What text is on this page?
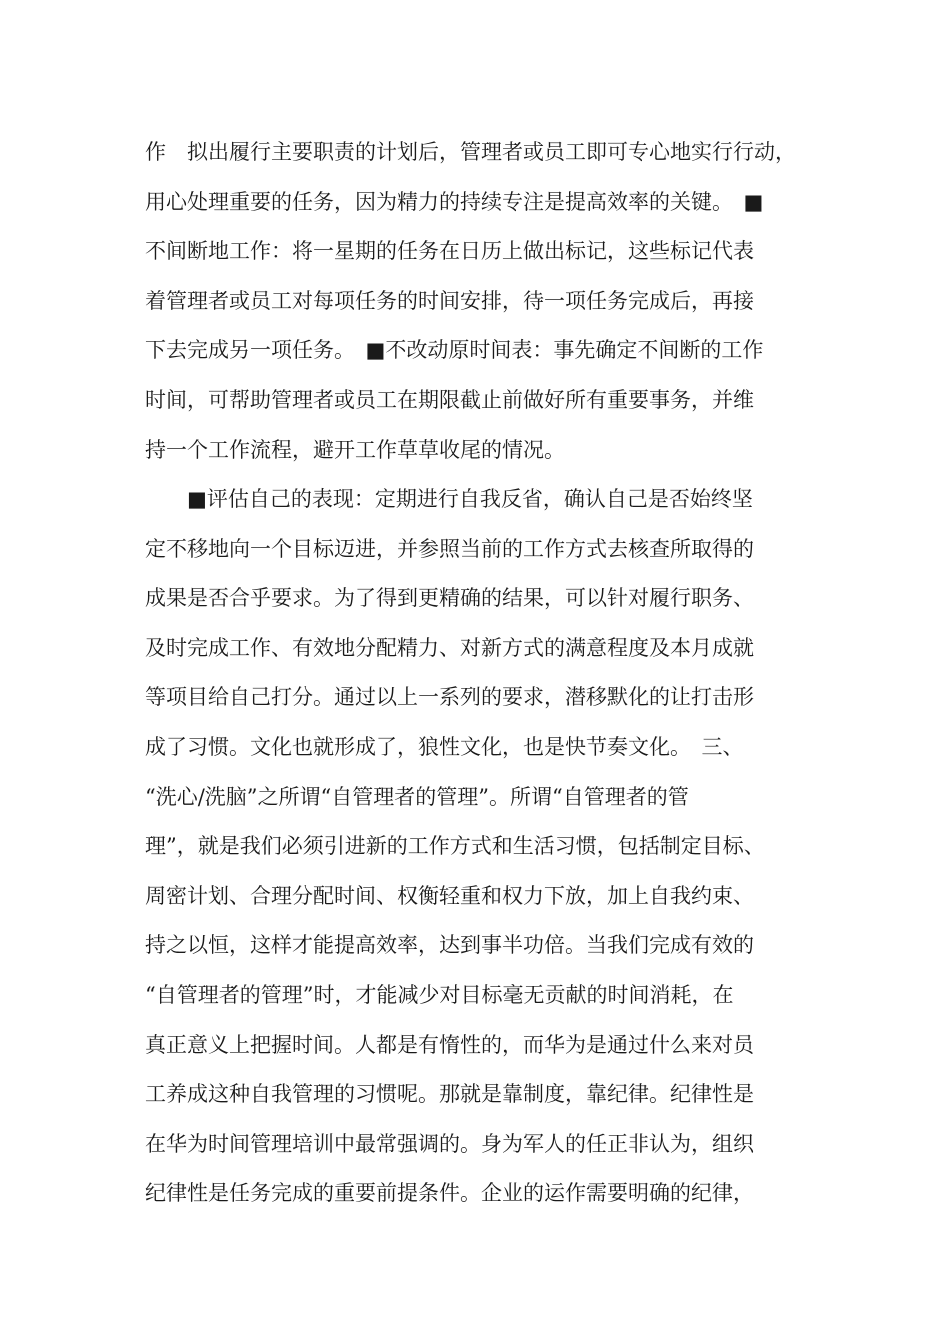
作　拟出履行主要职责的计划后，管理者或员工即可专心地实行行动，
用心处理重要的任务，因为精力的持续专注是提高效率的关键。　■
不间断地工作：将一星期的任务在日历上做出标记，这些标记代表
着管理者或员工对每项任务的时间安排，待一项任务完成后，再接
下去完成另一项任务。　■不改动原时间表：事先确定不间断的工作
时间，可帮助管理者或员工在期限截止前做好所有重要事务，并维
持一个工作流程，避开工作草草收尾的情况。
　　■评估自己的表现：定期进行自我反省，确认自己是否始终坚
定不移地向一个目标迈进，并参照当前的工作方式去核查所取得的
成果是否合乎要求。为了得到更精确的结果，可以针对履行职务、
及时完成工作、有效地分配精力、对新方式的满意程度及本月成就
等项目给自己打分。通过以上一系列的要求，潜移默化的让打击形
成了习惯。文化也就形成了，狼性文化，也是快节奏文化。　三、
“洗心/洗脑”之所谓“自管理者的管理”。所谓“自管理者的管
理”，就是我们必须引进新的工作方式和生活习惯，包括制定目标、
周密计划、合理分配时间、权衡轻重和权力下放，加上自我约束、
持之以恒，这样才能提高效率，达到事半功倍。当我们完成有效的
“自管理者的管理”时，才能减少对目标毫无贡献的时间消耗，在
真正意义上把握时间。人都是有惰性的，而华为是通过什么来对员
工养成这种自我管理的习惯呢。那就是靠制度，靠纪律。纪律性是
在华为时间管理培训中最常强调的。身为军人的任正非认为，组织
纪律性是任务完成的重要前提条件。企业的运作需要明确的纪律，
